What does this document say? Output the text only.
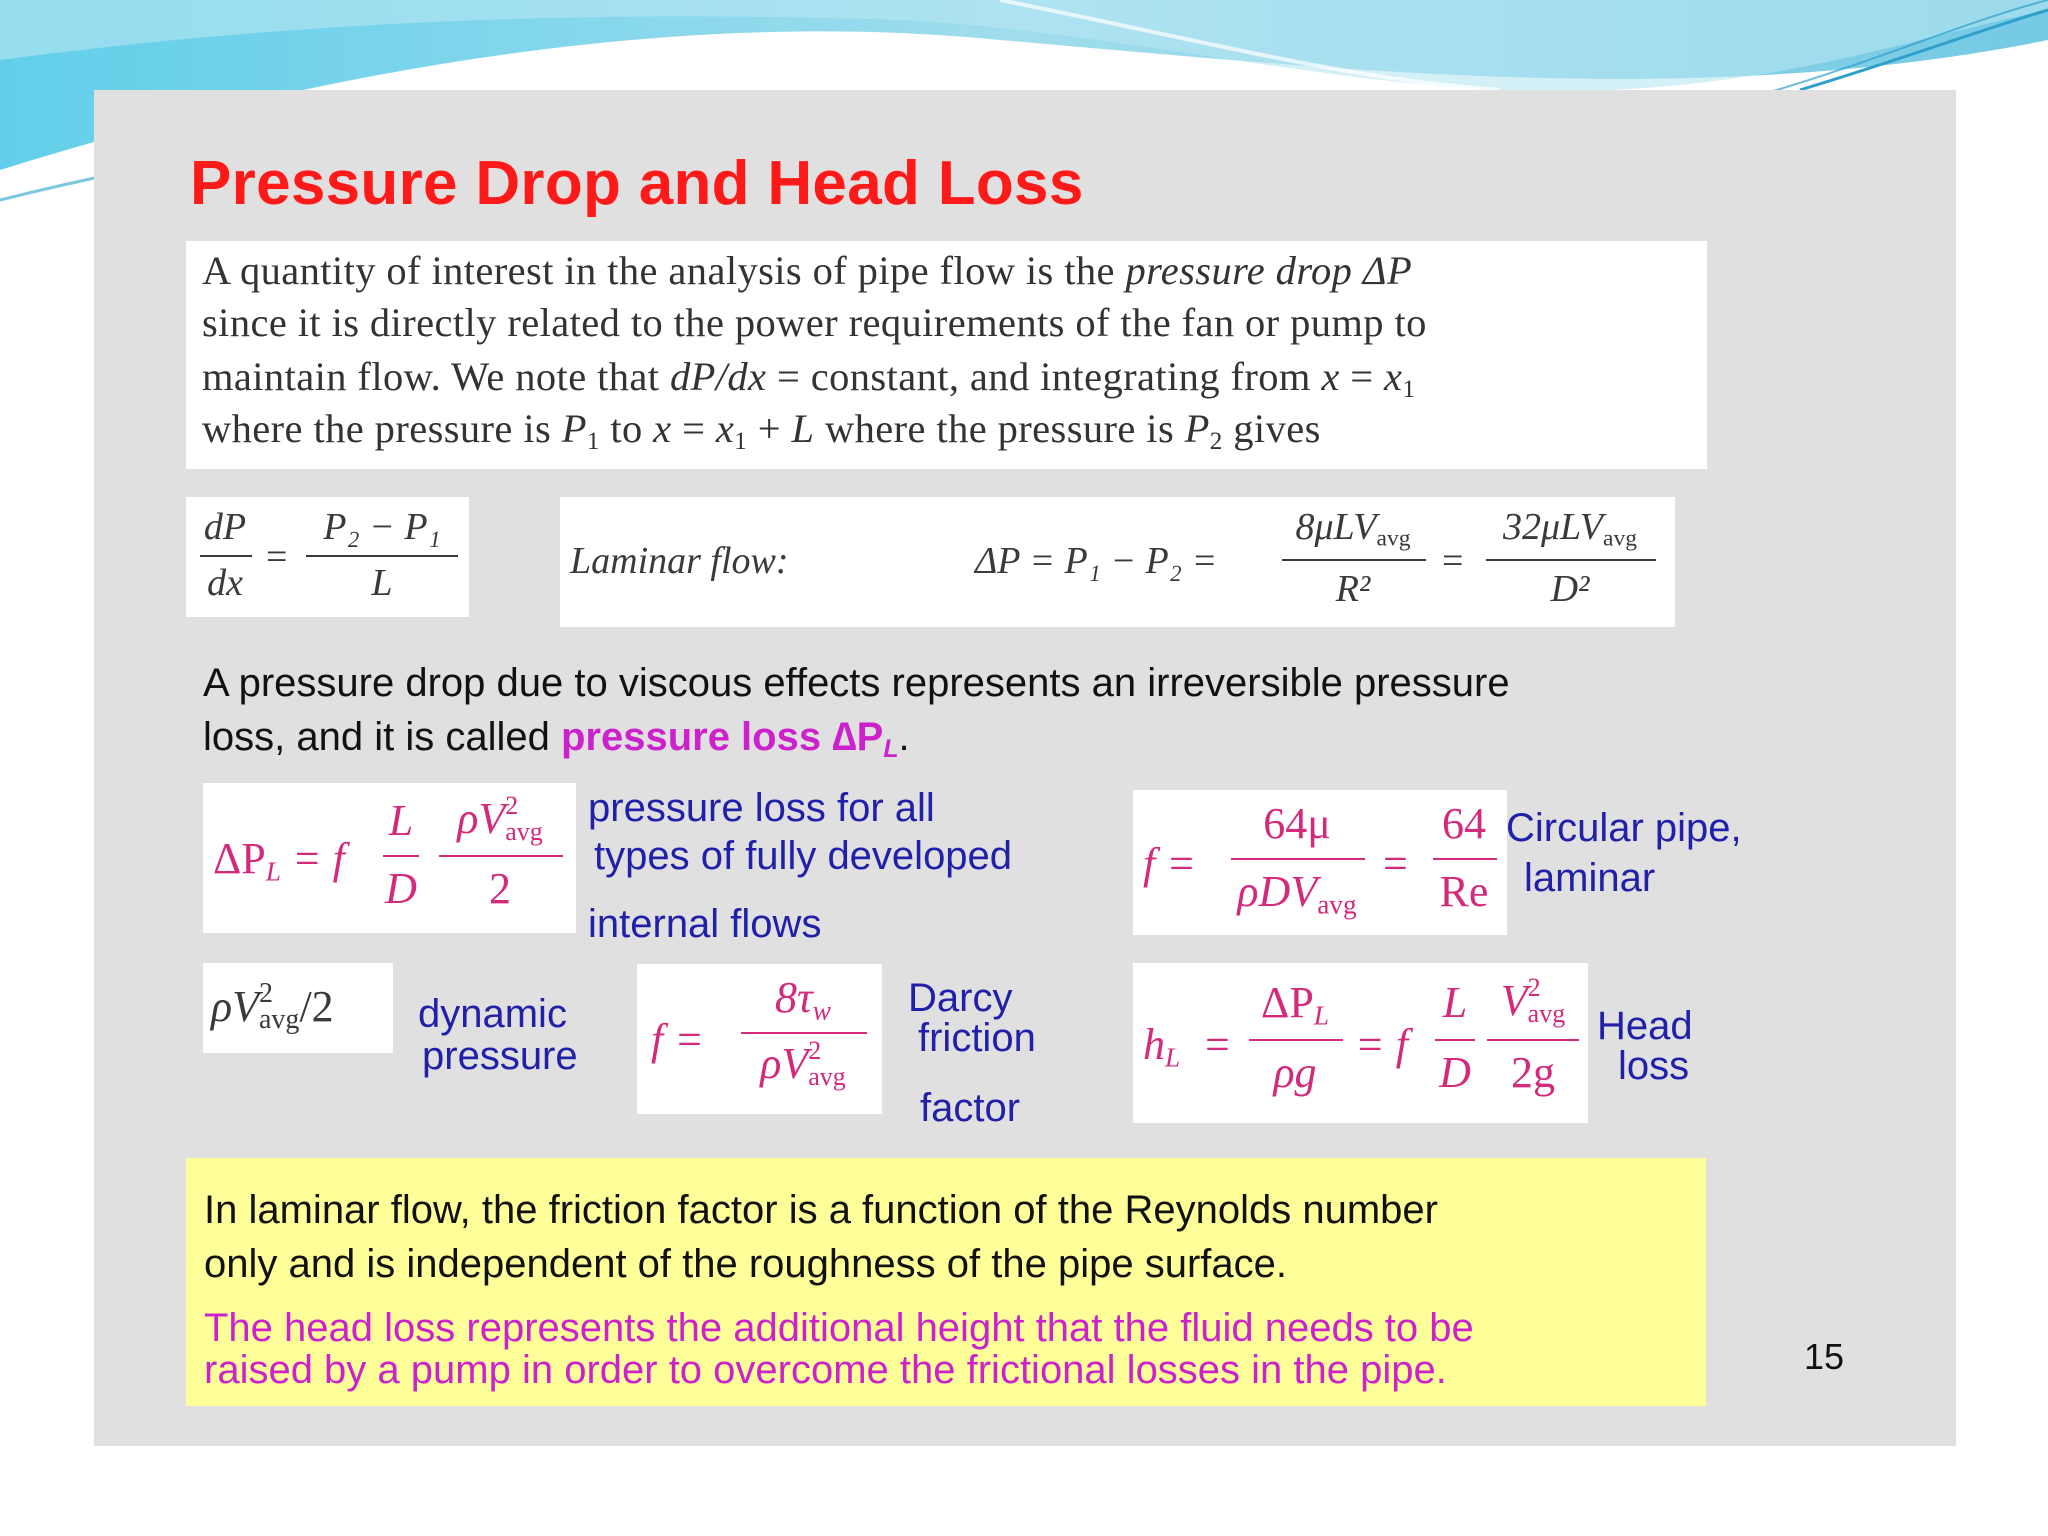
Pressure Drop and Head Loss
A quantity of interest in the analysis of pipe flow is the pressure drop ΔP
since it is directly related to the power requirements of the fan or pump to
maintain flow. We note that dP/dx = constant, and integrating from $x = x_1$
where the pressure is $P_1$ to $x = x_1 + L$ where the pressure is $P_2$ gives
dP
dx
=
P₂ − P₁
L
Laminar flow:	ΔP = P₁ − P₂ =
8μLV$_{avg}$
R²
=
32μLV$_{avg}$
D²
A pressure drop due to viscous effects represents an irreversible pressure
loss, and it is called pressure loss $\Delta P_L$.
$\Delta P_L = f$
L
D
ρV 2
avg
2
pressure loss for all
types of fully developed
internal flows
f =
64μ
ρDV$_{avg}$
=
64
Re
Circular pipe,
laminar
ρV 2
avg /2 dynamic
pressure f =
$8\tau_w$
ρV 2
avg
Darcy
friction
factor
$h_L$ =
$\Delta P_L$
ρg
= f
L
D
V 2
avg
2g
Head
loss
In laminar flow, the friction factor is a function of the Reynolds number
only and is independent of the roughness of the pipe surface.
The head loss represents the additional height that the fluid needs to be
raised by a pump in order to overcome the frictional losses in the pipe.	15
